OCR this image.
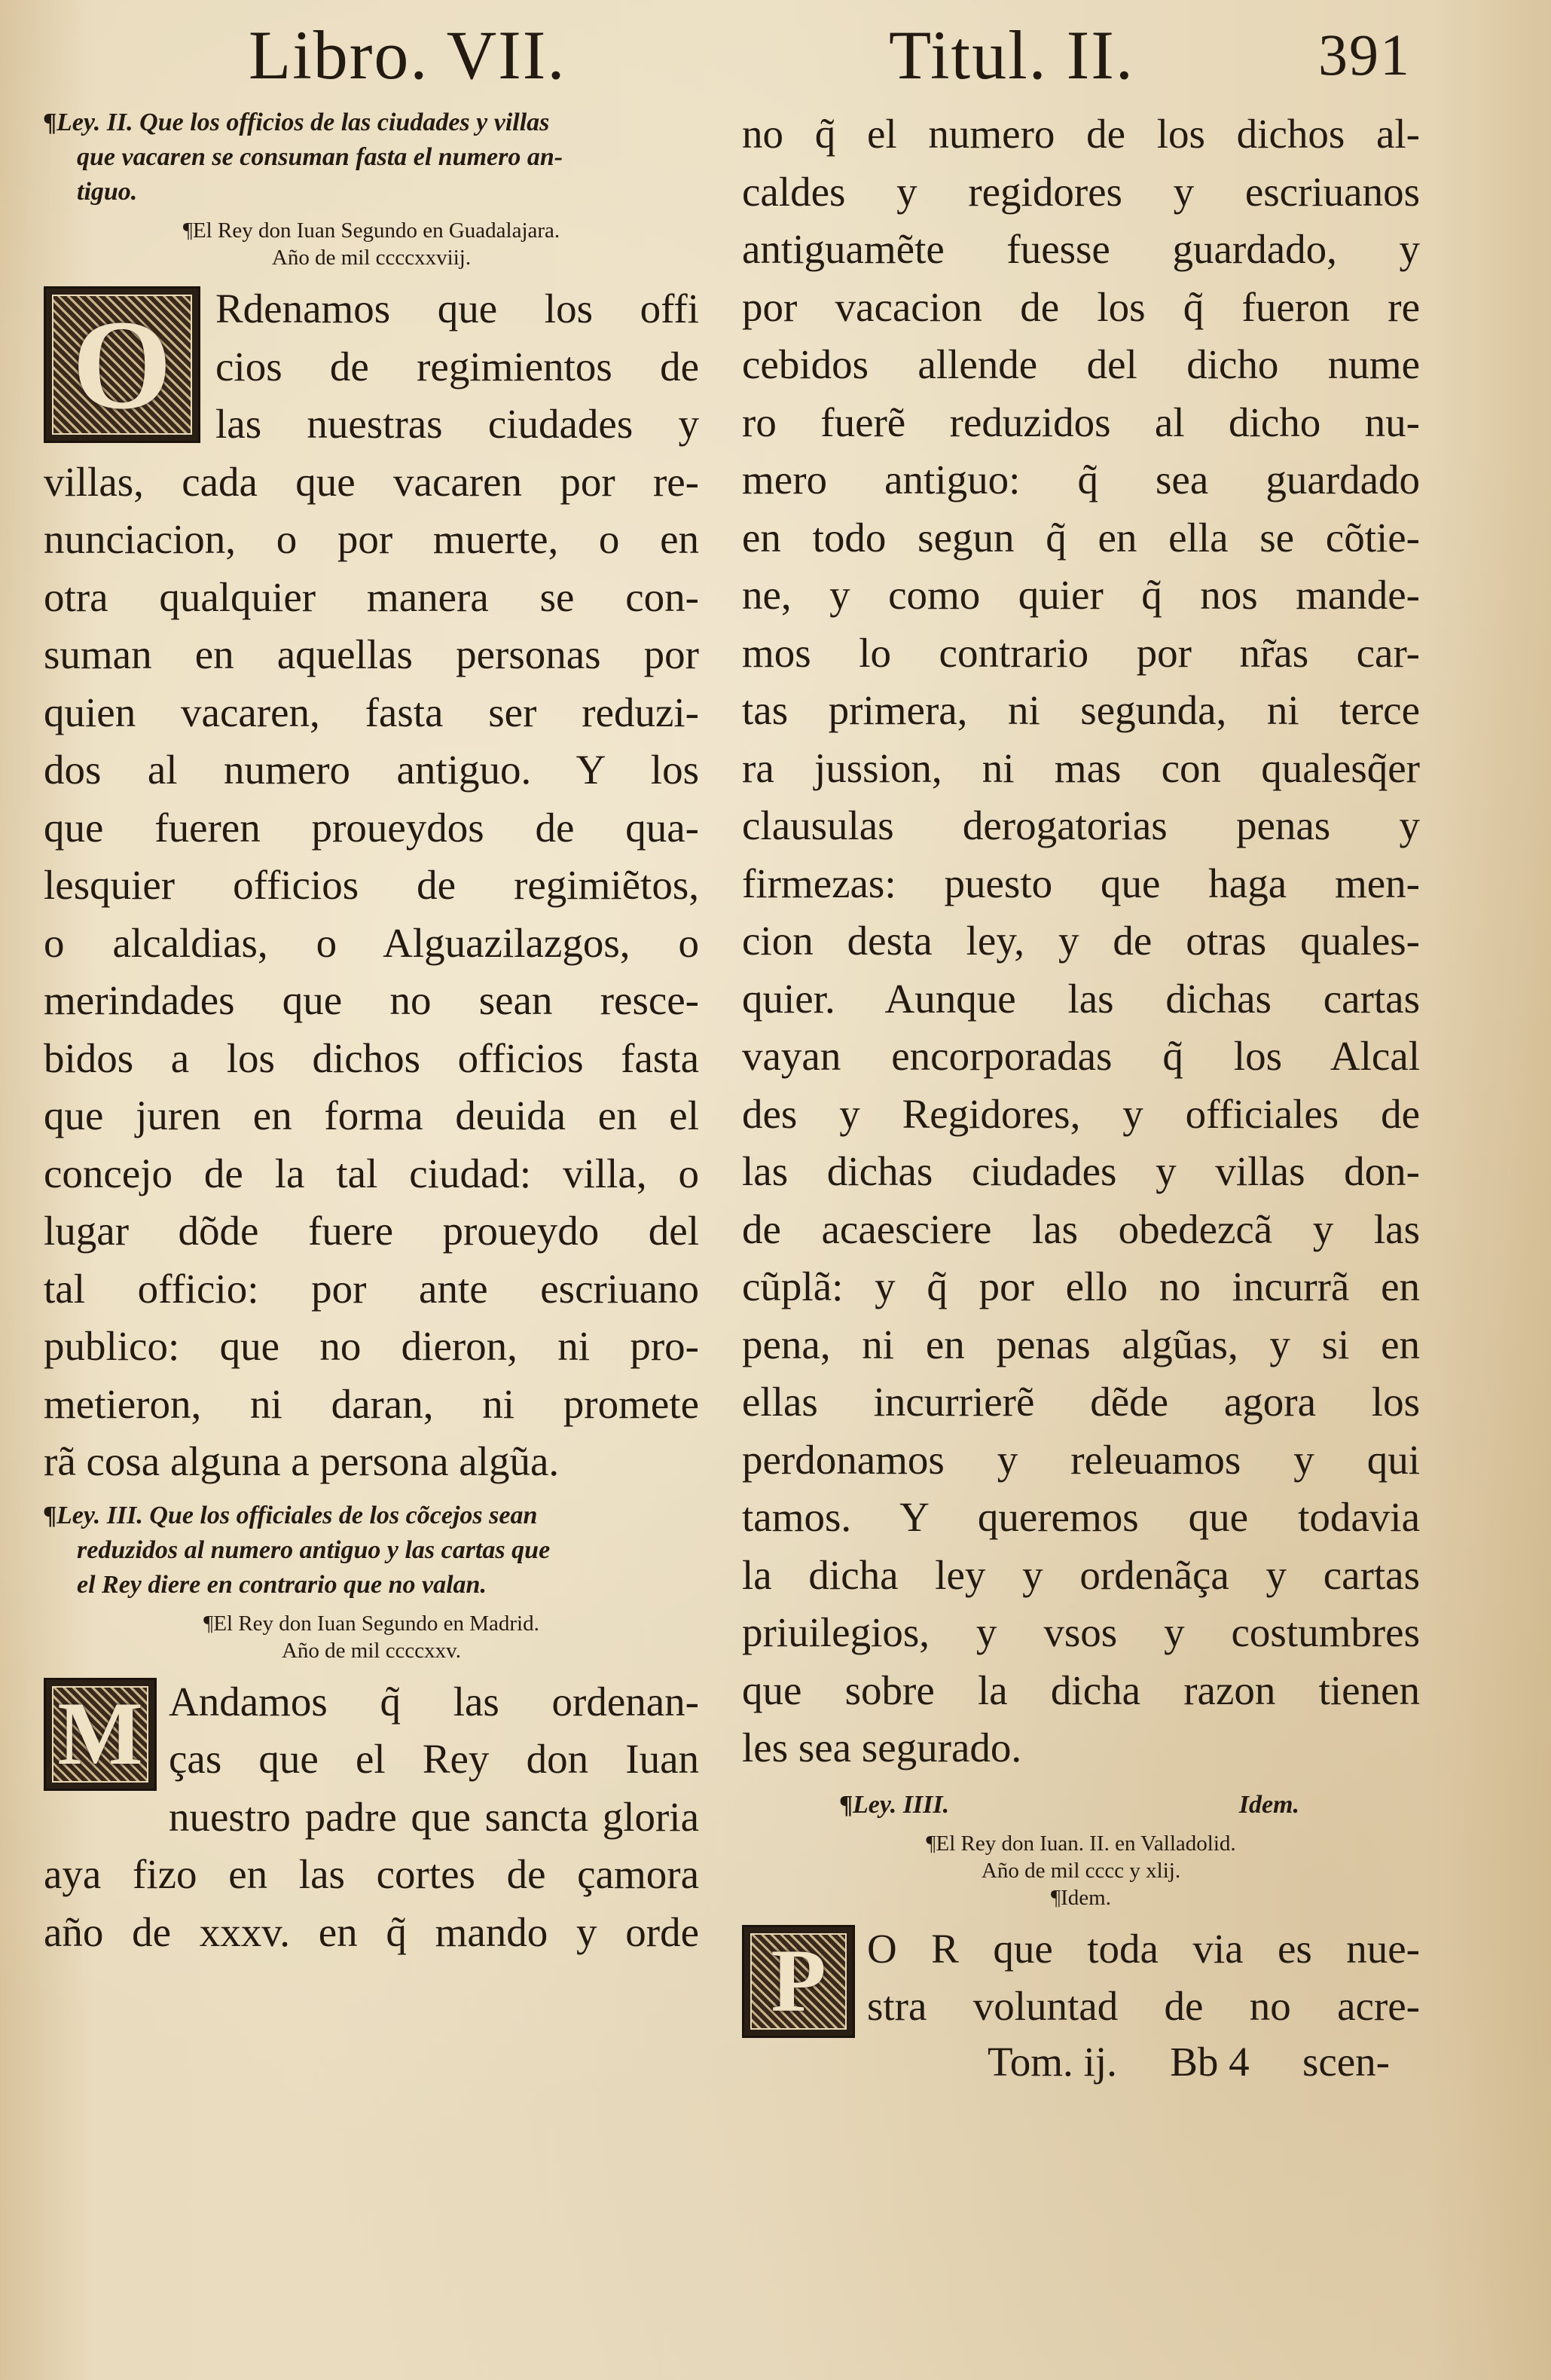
Libro. VII.	Titul. II.	391
¶Ley. II. Que los officios de las ciudades y villas
que vacaren se consuman fasta el numero an-
tiguo.
¶El Rey don Iuan Segundo en Guadalajara.
Año de mil ccccxxviij.
O	Rdenamos que los offi
cios de regimientos de
las nuestras ciudades y
villas, cada que vacaren por re-
nunciacion, o por muerte, o en
otra qualquier manera se con-
suman en aquellas personas por
quien vacaren, fasta ser reduzi-
dos al numero antiguo. Y los
que fueren proueydos de qua-
lesquier officios de regimiẽtos,
o alcaldias, o Alguazilazgos, o
merindades que no sean resce-
bidos a los dichos officios fasta
que juren en forma deuida en el
concejo de la tal ciudad: villa, o
lugar dõde fuere proueydo del
tal officio: por ante escriuano
publico: que no dieron, ni pro-
metieron, ni daran, ni promete
rã cosa alguna a persona algũa.
¶Ley. III. Que los officiales de los cõcejos sean
reduzidos al numero antiguo y las cartas que
el Rey diere en contrario que no valan.
¶El Rey don Iuan Segundo en Madrid.
Año de mil ccccxxv.
M Andamos q̃ las ordenan-
ças que el Rey don Iuan
nuestro padre que sancta gloria
aya fizo en las cortes de çamora
año de xxxv. en q̃ mando y orde
no q̃ el numero de los dichos al-
caldes y regidores y escriuanos
antiguamẽte fuesse guardado, y
por vacacion de los q̃ fueron re
cebidos allende del dicho nume
ro fuerẽ reduzidos al dicho nu-
mero antiguo: q̃ sea guardado
en todo segun q̃ en ella se cõtie-
ne, y como quier q̃ nos mande-
mos lo contrario por nr̃as car-
tas primera, ni segunda, ni terce
ra jussion, ni mas con qualesq̃er
clausulas derogatorias penas y
firmezas: puesto que haga men-
cion desta ley, y de otras quales-
quier. Aunque las dichas cartas
vayan encorporadas q̃ los Alcal
des y Regidores, y officiales de
las dichas ciudades y villas don-
de acaesciere las obedezcã y las
cũplã: y q̃ por ello no incurrã en
pena, ni en penas algũas, y si en
ellas incurrierẽ dẽde agora los
perdonamos y releuamos y qui
tamos. Y queremos que todavia
la dicha ley y ordenãça y cartas
priuilegios, y vsos y costumbres
que sobre la dicha razon tienen
les sea segurado.
¶Ley. IIII.	Idem.
¶El Rey don Iuan. II. en Valladolid.
Año de mil cccc y xlij.
¶Idem.
P O R que toda via es nue-
stra voluntad de no acre-
Tom. ij. Bb 4 scen-
